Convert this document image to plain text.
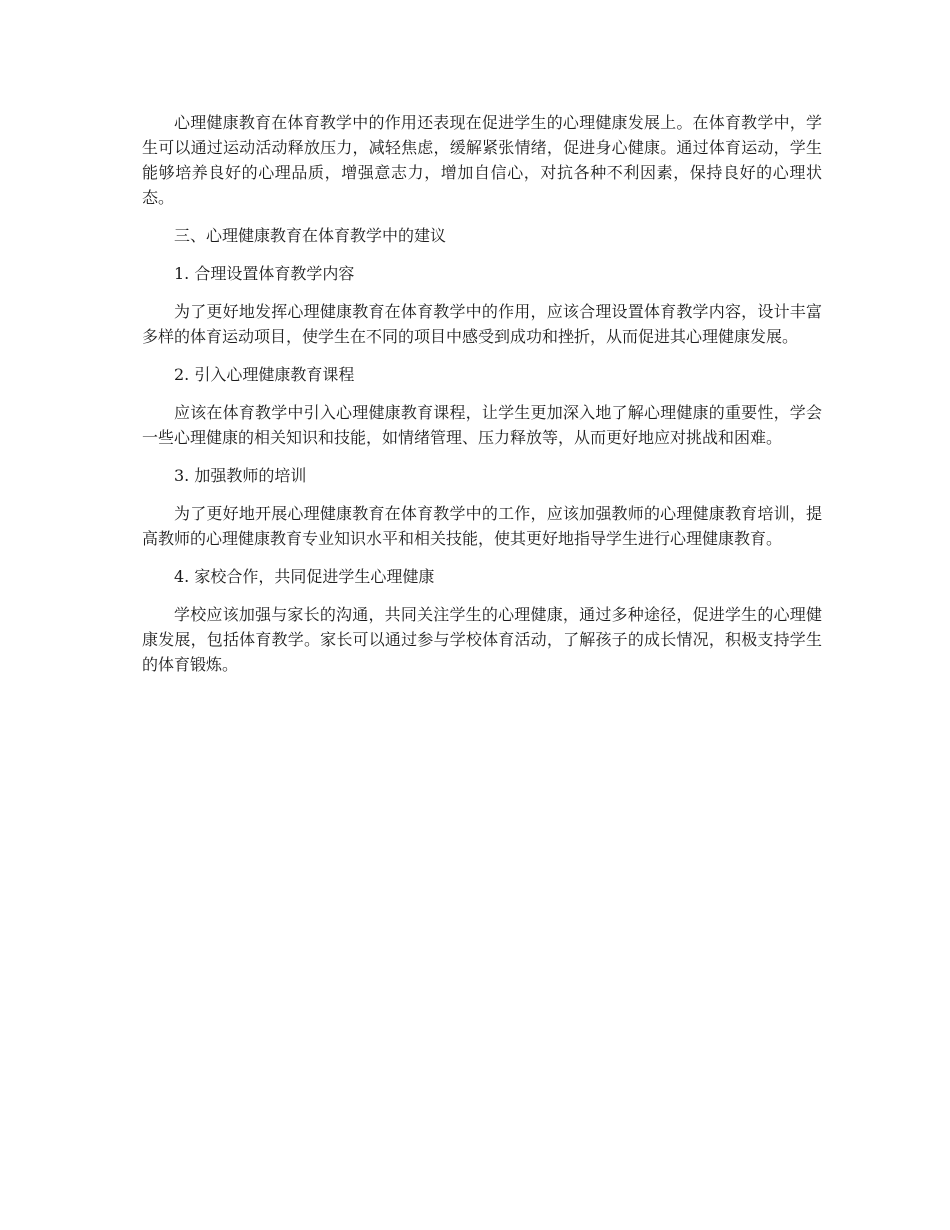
心理健康教育在体育教学中的作用还表现在促进学生的心理健康发展上。在体育教学中，学生可以通过运动活动释放压力，减轻焦虑，缓解紧张情绪，促进身心健康。通过体育运动，学生能够培养良好的心理品质，增强意志力，增加自信心，对抗各种不利因素，保持良好的心理状态。

三、心理健康教育在体育教学中的建议

1. 合理设置体育教学内容

为了更好地发挥心理健康教育在体育教学中的作用，应该合理设置体育教学内容，设计丰富多样的体育运动项目，使学生在不同的项目中感受到成功和挫折，从而促进其心理健康发展。

2. 引入心理健康教育课程

应该在体育教学中引入心理健康教育课程，让学生更加深入地了解心理健康的重要性，学会一些心理健康的相关知识和技能，如情绪管理、压力释放等，从而更好地应对挑战和困难。

3. 加强教师的培训

为了更好地开展心理健康教育在体育教学中的工作，应该加强教师的心理健康教育培训，提高教师的心理健康教育专业知识水平和相关技能，使其更好地指导学生进行心理健康教育。

4. 家校合作，共同促进学生心理健康

学校应该加强与家长的沟通，共同关注学生的心理健康，通过多种途径，促进学生的心理健康发展，包括体育教学。家长可以通过参与学校体育活动，了解孩子的成长情况，积极支持学生的体育锻炼。
